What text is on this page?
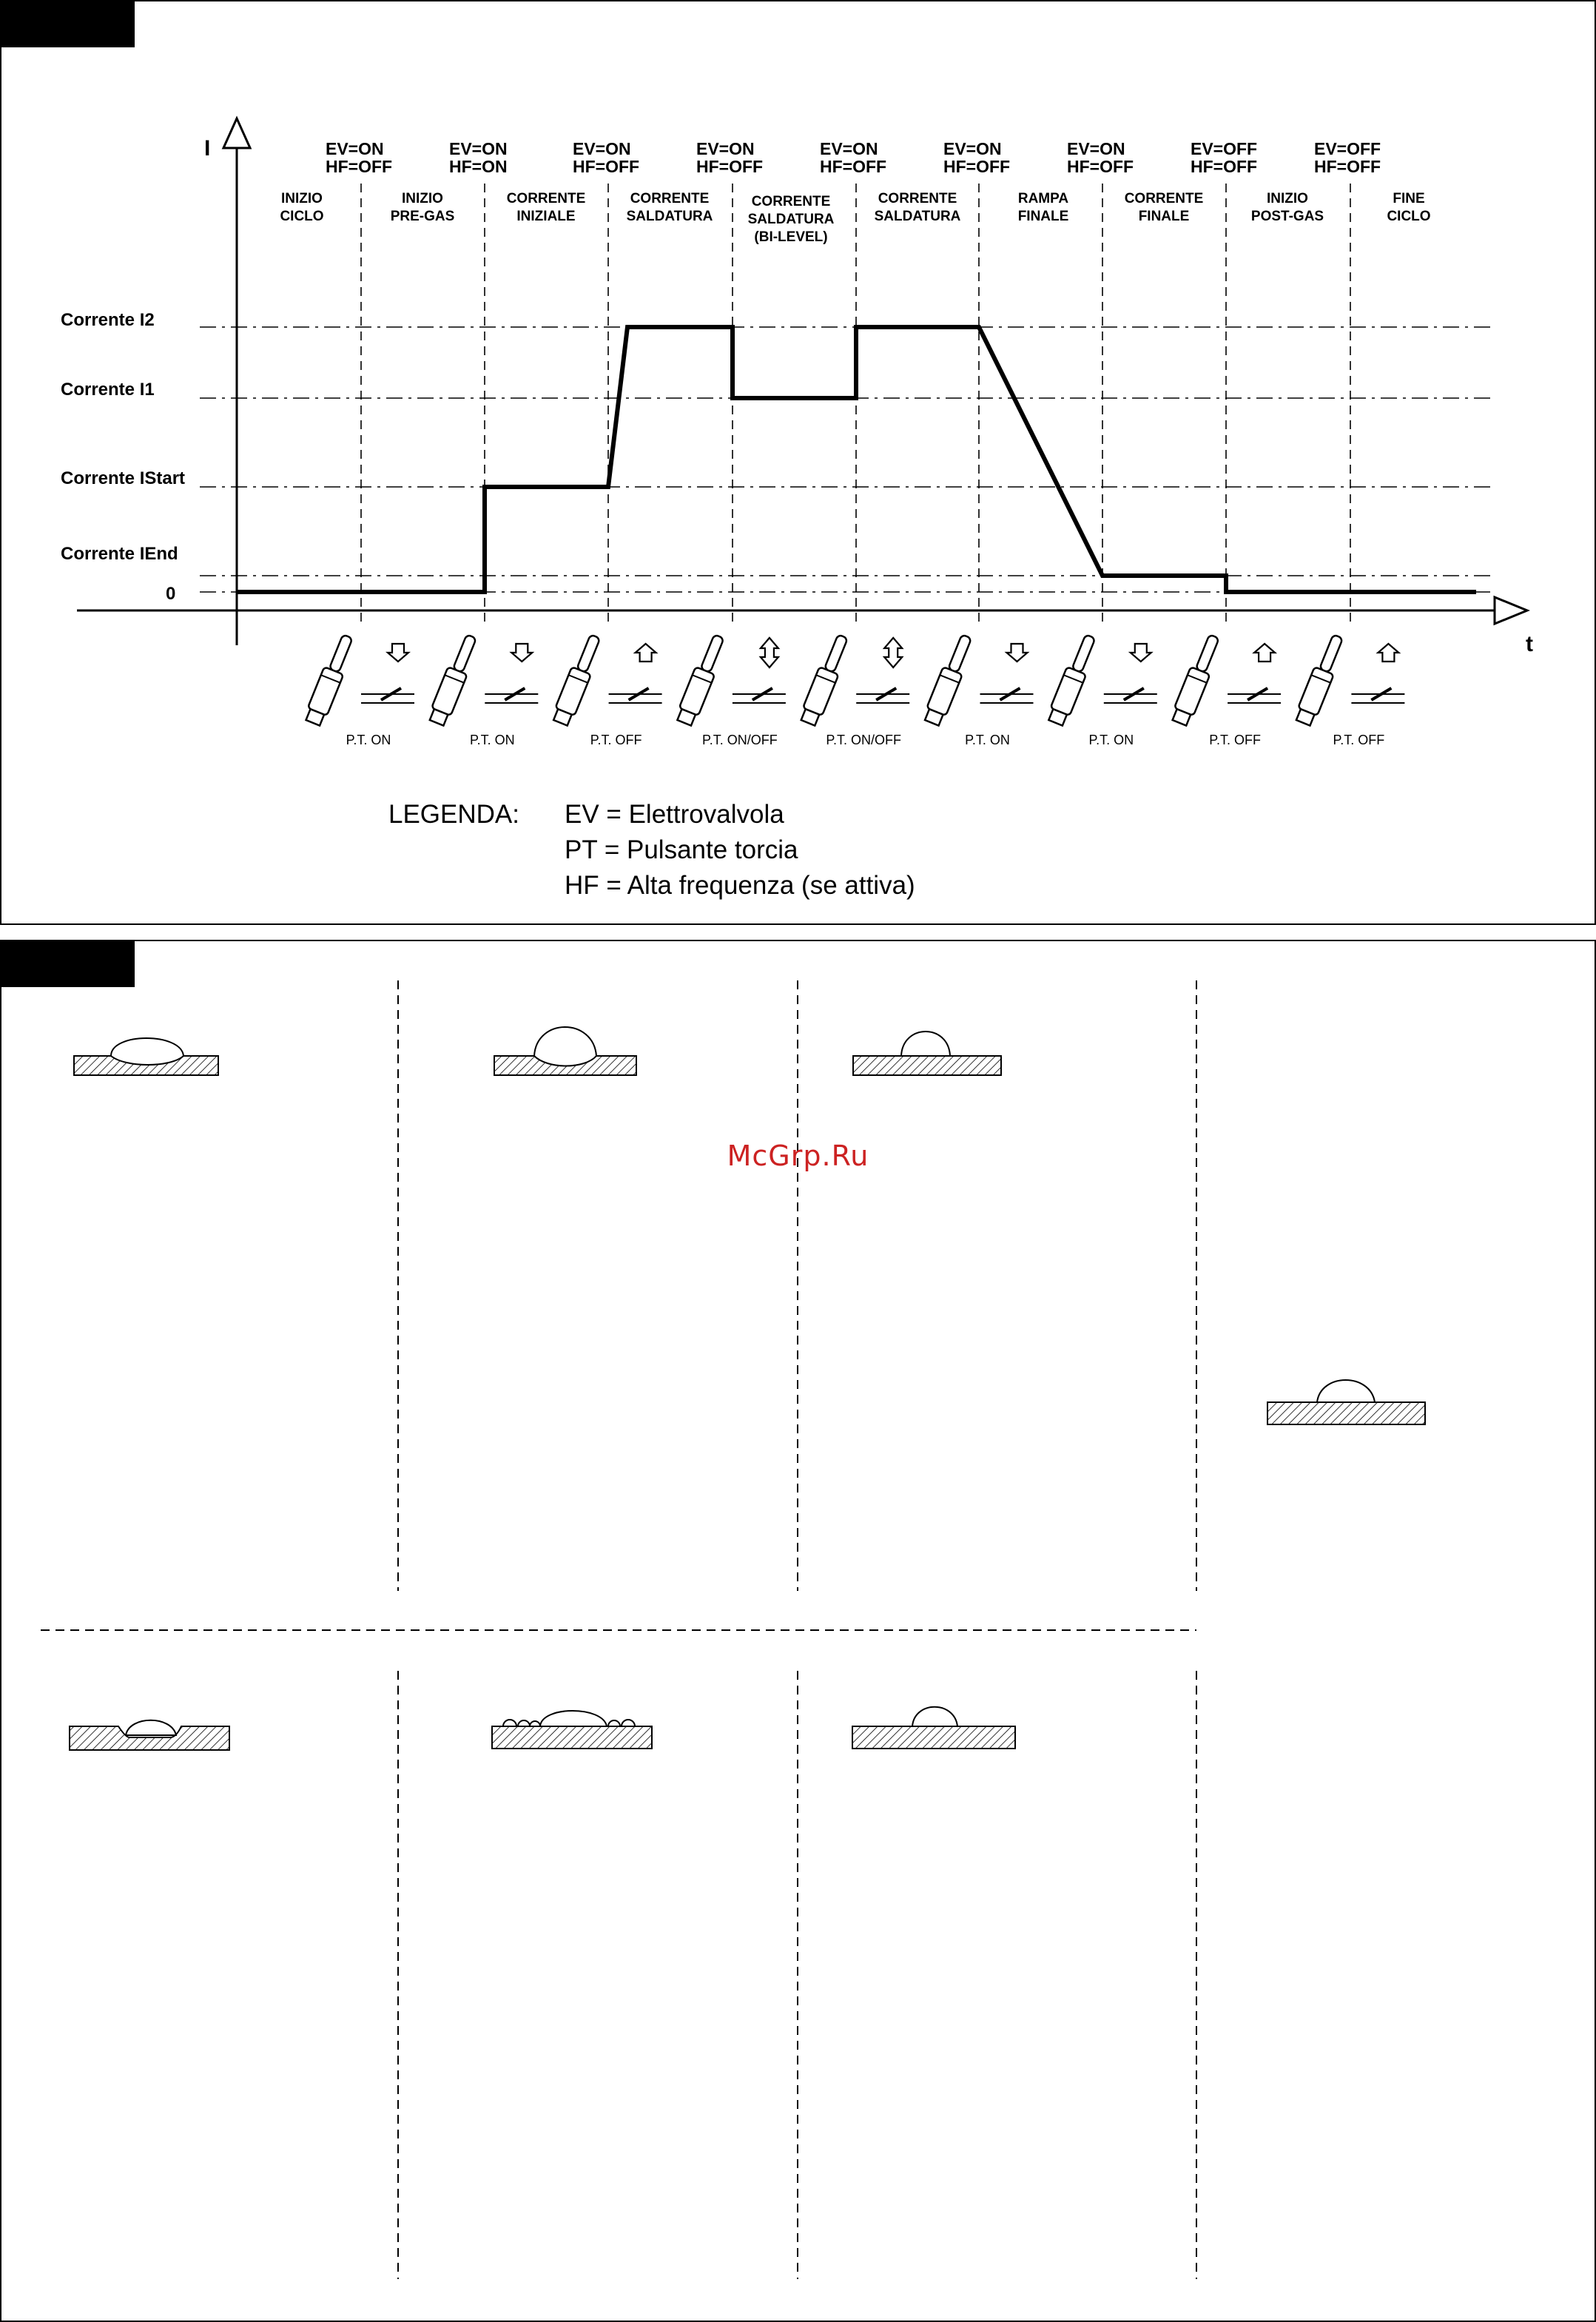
I
t
Corrente I2
Corrente I1
Corrente IStart
Corrente IEnd
0
EV=ON
HF=OFF
EV=ON
HF=ON
EV=ON
HF=OFF
EV=ON
HF=OFF
EV=ON
HF=OFF
EV=ON
HF=OFF
EV=ON
HF=OFF
EV=OFF
HF=OFF
EV=OFF
HF=OFF
INIZIO
CICLO
INIZIO
PRE-GAS
CORRENTE
INIZIALE
CORRENTE
SALDATURA
CORRENTE
SALDATURA
(BI-LEVEL)
CORRENTE
SALDATURA
RAMPA
FINALE
CORRENTE
FINALE
INIZIO
POST-GAS
FINE
CICLO
P.T. ON	P.T. ON	P.T. OFF	P.T. ON/OFF	P.T. ON/OFF	P.T. ON	P.T. ON	P.T. OFF	P.T. OFF
LEGENDA: EV = Elettrovalvola
PT = Pulsante torcia
HF = Alta frequenza (se attiva)
McGrp.Ru
